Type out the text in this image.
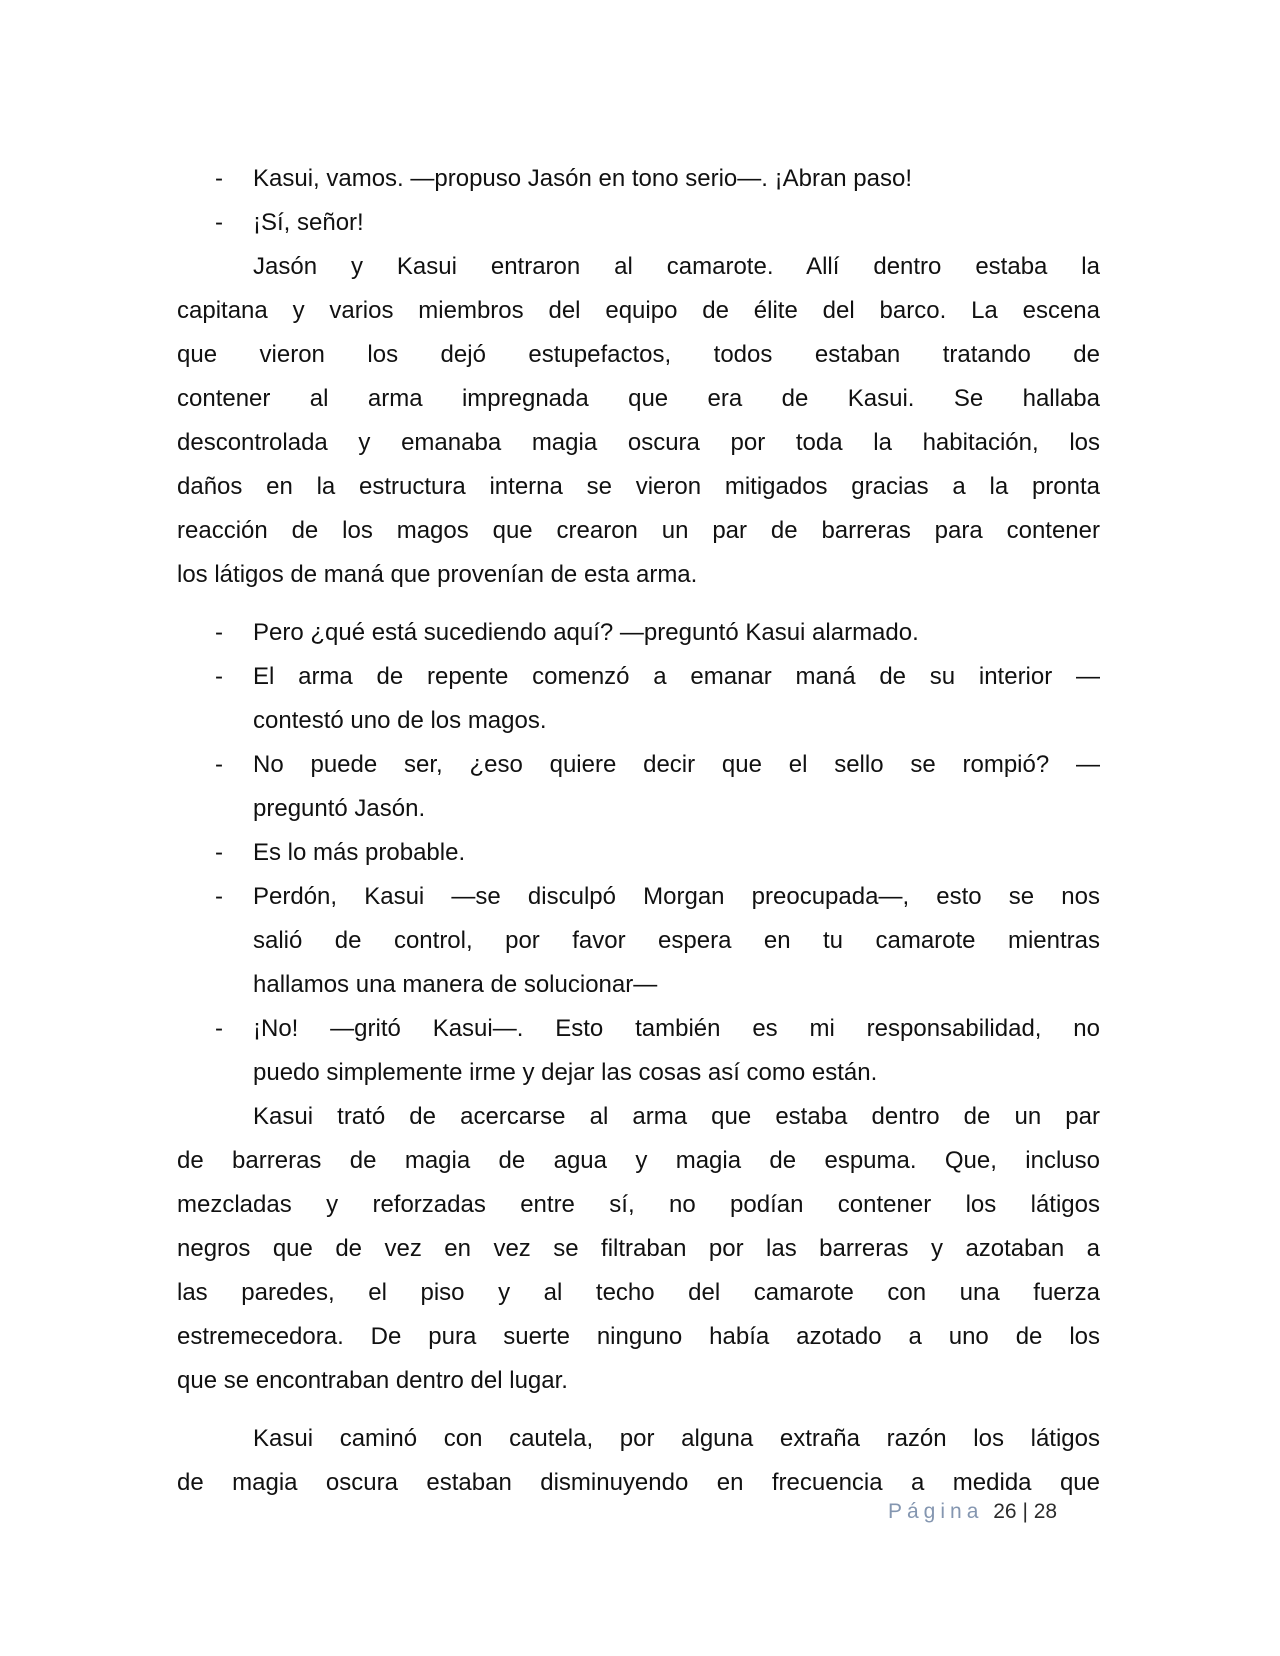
- Kasui, vamos. —propuso Jasón en tono serio—. ¡Abran paso!
- ¡Sí, señor!
Jasón y Kasui entraron al camarote. Allí dentro estaba la
capitana y varios miembros del equipo de élite del barco. La escena
que vieron los dejó estupefactos, todos estaban tratando de
contener al arma impregnada que era de Kasui. Se hallaba
descontrolada y emanaba magia oscura por toda la habitación, los
daños en la estructura interna se vieron mitigados gracias a la pronta
reacción de los magos que crearon un par de barreras para contener
los látigos de maná que provenían de esta arma.
- Pero ¿qué está sucediendo aquí? —preguntó Kasui alarmado.
- El arma de repente comenzó a emanar maná de su interior —
contestó uno de los magos.
- No puede ser, ¿eso quiere decir que el sello se rompió? —
preguntó Jasón.
- Es lo más probable.
- Perdón, Kasui —se disculpó Morgan preocupada—, esto se nos
salió de control, por favor espera en tu camarote mientras
hallamos una manera de solucionar—
- ¡No! —gritó Kasui—. Esto también es mi responsabilidad, no
puedo simplemente irme y dejar las cosas así como están.
Kasui trató de acercarse al arma que estaba dentro de un par
de barreras de magia de agua y magia de espuma. Que, incluso
mezcladas y reforzadas entre sí, no podían contener los látigos
negros que de vez en vez se filtraban por las barreras y azotaban a
las paredes, el piso y al techo del camarote con una fuerza
estremecedora. De pura suerte ninguno había azotado a uno de los
que se encontraban dentro del lugar.
Kasui caminó con cautela, por alguna extraña razón los látigos
de magia oscura estaban disminuyendo en frecuencia a medida que
Página 26 | 28
